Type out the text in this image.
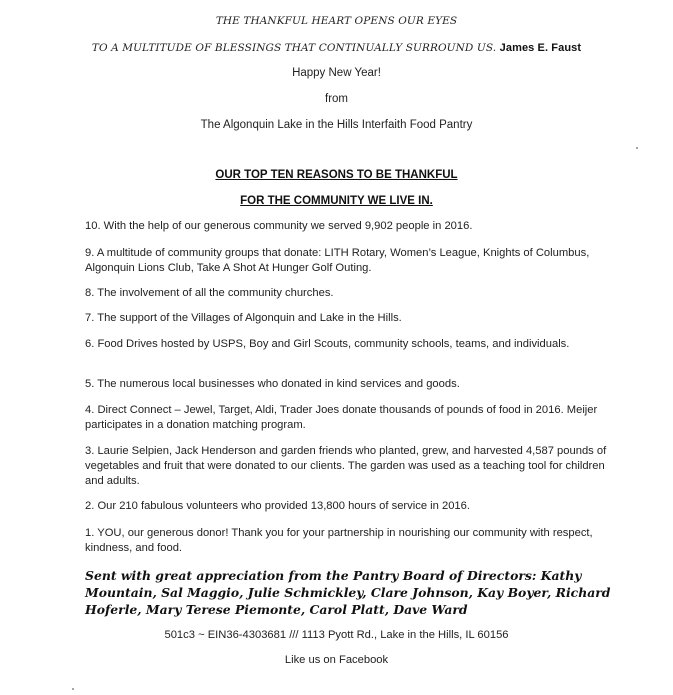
THE THANKFUL HEART OPENS OUR EYES
TO A MULTITUDE OF BLESSINGS THAT CONTINUALLY SURROUND US. James E. Faust
Happy New Year!
from
The Algonquin Lake in the Hills Interfaith Food Pantry
OUR TOP TEN REASONS TO BE THANKFUL
FOR THE COMMUNITY WE LIVE IN.
10. With the help of our generous community we served 9,902 people in 2016.
9. A multitude of community groups that donate: LITH Rotary, Women’s League, Knights of Columbus, Algonquin Lions Club, Take A Shot At Hunger Golf Outing.
8. The involvement of all the community churches.
7. The support of the Villages of Algonquin and Lake in the Hills.
6. Food Drives hosted by USPS, Boy and Girl Scouts, community schools, teams, and individuals.
5. The numerous local businesses who donated in kind services and goods.
4. Direct Connect – Jewel, Target, Aldi, Trader Joes donate thousands of pounds of food in 2016. Meijer participates in a donation matching program.
3. Laurie Selpien, Jack Henderson and garden friends who planted, grew, and harvested 4,587 pounds of vegetables and fruit that were donated to our clients. The garden was used as a teaching tool for children and adults.
2. Our 210 fabulous volunteers who provided 13,800 hours of service in 2016.
1. YOU, our generous donor! Thank you for your partnership in nourishing our community with respect, kindness, and food.
Sent with great appreciation from the Pantry Board of Directors: Kathy Mountain, Sal Maggio, Julie Schmickley, Clare Johnson, Kay Boyer, Richard Hoferle, Mary Terese Piemonte, Carol Platt, Dave Ward
501c3 ~ EIN36-4303681 /// 1113 Pyott Rd., Lake in the Hills, IL 60156
Like us on Facebook
